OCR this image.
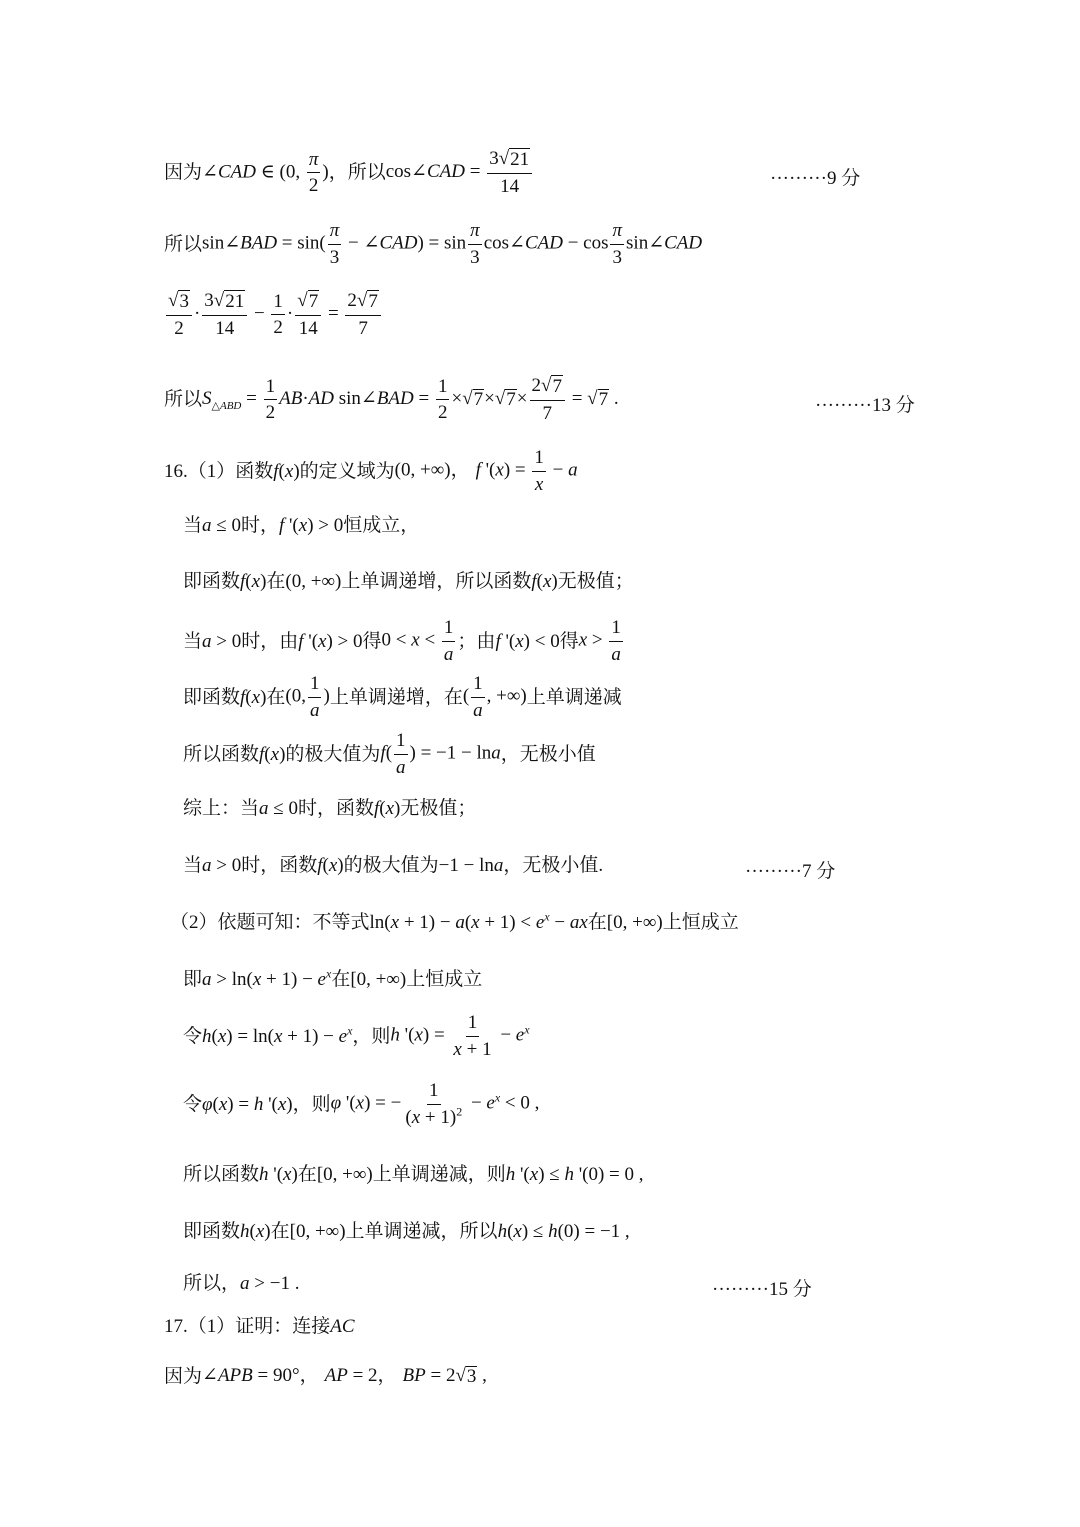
因为 ∠CAD ∈ (0, $\frac{\pi}{2}$ ) ，所以 cos∠CAD = $\frac{3 √ 21}{14}$	·········9 分
所以 sin∠BAD = $\sin( \frac{\pi}{3}$ − ∠CAD) = $\sin \frac{\pi}{3}$ cos∠CAD − $\cos \frac{\pi}{3}$ sin∠CAD
$\frac{√ 3}{2} \cdot \frac{3 √ 21}{14} - \frac{1}{2} \cdot \frac{√ 7}{14} = \frac{2 √ 7}{7}$
所以 $S_{\triangle ABD} = \frac{1}{2} AB\cdot AD$ sin∠BAD = $\frac{1}{2}$ × √ 7 × √ $7 \times \frac{2 √ 7}{7}$ = √ 7 .	·········13 分
16.（1）函数 f(x) 的定义域为 (0, +∞)， f '$(x) = \frac{1}{x} - a$
当 a ≤ 0 时， f '(x) > 0 恒成立，
即函数 f(x) 在 (0, +∞) 上单调递增，所以函数 f(x) 无极值；
当 a > 0 时，由 f '(x) > 0 得 $0 < x < \frac{1}{a}$ ；由 f '(x) < 0 得 $x > \frac{1}{a}$
即函数 f(x) 在 (0, $\frac{1}{a}$ ) 上单调递增，在 ( $\frac{1}{a}$ , +∞) 上单调递减
所以函数 f(x) 的极大值为 $f( \frac{1}{a}$ ) = −1 − lna ，无极小值
综上：当 a ≤ 0 时，函数 f(x) 无极值；
当 a > 0 时，函数 f(x) 的极大值为 −1 − lna ，无极小值.	·········7 分
（2）依题可知：不等式 $\ln(x + 1) - a(x + 1) < e^x$ − ax 在 [0, +∞) 上恒成立
即 $a > \ln(x + 1) - e^x$ 在 [0, +∞) 上恒成立
令 $h(x) = \ln(x + 1) - e^x$ ，则 h '$(x) = \frac{1}{x + 1} - e^x$
令 φ(x) = h '(x) ，则 φ '(x) = − $\frac{1}{(x + 1)^2} - e^x < 0$ ,
所以函数 h '(x) 在 [0, +∞) 上单调递减，则 h '(x) ≤ h '(0) = 0 ,
即函数 h(x) 在 [0, +∞) 上单调递减，所以 h(x) ≤ h(0) = −1 ,
所以， a > −1 .	·········15 分
17.（1）证明：连接 AC
因为 ∠APB = 90°， AP = 2， BP = 2 √ 3 ,
